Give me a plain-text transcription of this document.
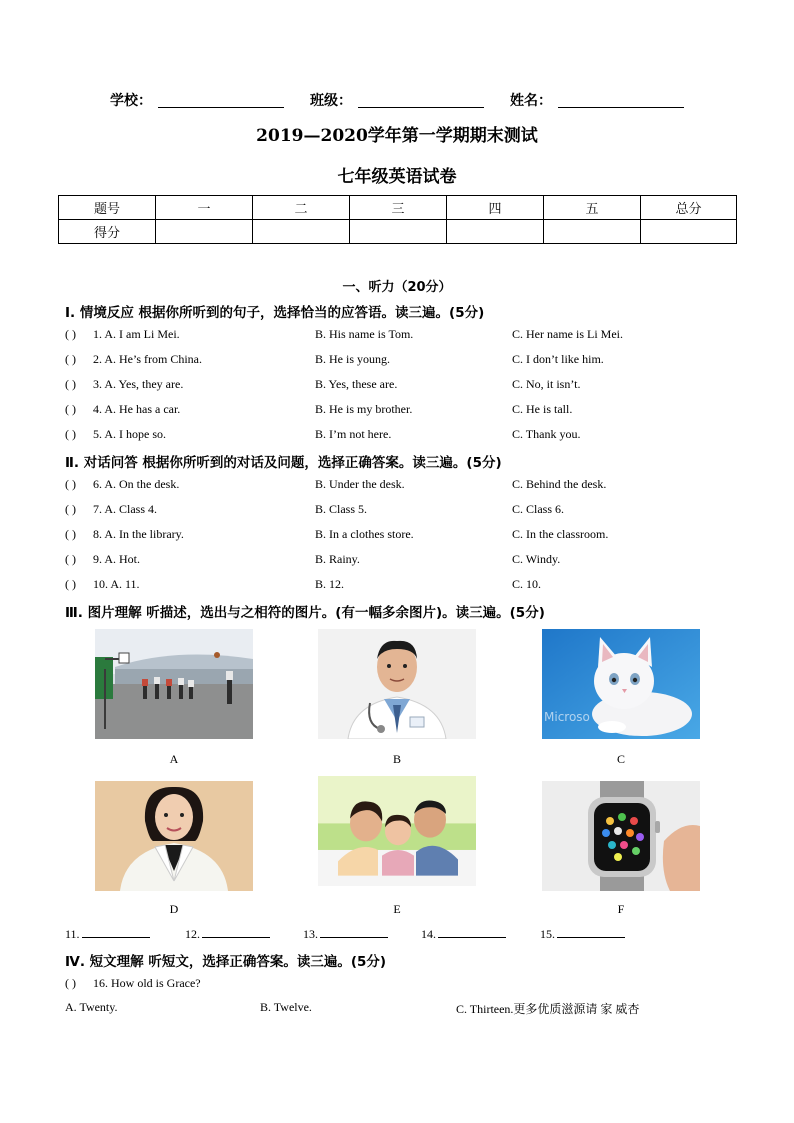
学校：	班级：	姓名：
2019—2020学年第一学期期末测试
七年级英语试卷
题号	一	二	三	四	五	总分
得分						
一、听力（20分）
Ⅰ. 情境反应 根据你所听到的句子，选择恰当的应答语。读三遍。(5分)
( ) 1. A. I am Li Mei.	B. His name is Tom.	C. Her name is Li Mei.
( ) 2. A. He’s from China.	B. He is young.	C. I don’t like him.
( ) 3. A. Yes, they are.	B. Yes, these are.	C. No, it isn’t.
( ) 4. A. He has a car.	B. He is my brother.	C. He is tall.
( ) 5. A. I hope so.	B. I’m not here.	C. Thank you.
Ⅱ. 对话问答 根据你所听到的对话及问题，选择正确答案。读三遍。(5分)
( ) 6. A. On the desk.	B. Under the desk.	C. Behind the desk.
( ) 7. A. Class 4.	B. Class 5.	C. Class 6.
( ) 8. A. In the library.	B. In a clothes store.	C. In the classroom.
( ) 9. A. Hot.	B. Rainy.	C. Windy.
( ) 10. A. 11.	B. 12.	C. 10.
Ⅲ. 图片理解 听描述，选出与之相符的图片。(有一幅多余图片)。读三遍。(5分)
Microso
A	B	C
D	E	F
11.	12.	13.	14.	15.
Ⅳ. 短文理解 听短文，选择正确答案。读三遍。(5分)
( ) 16. How old is Grace?
A. Twenty.	B. Twelve.	C. Thirteen.更多优质滋源请 家 威杏
